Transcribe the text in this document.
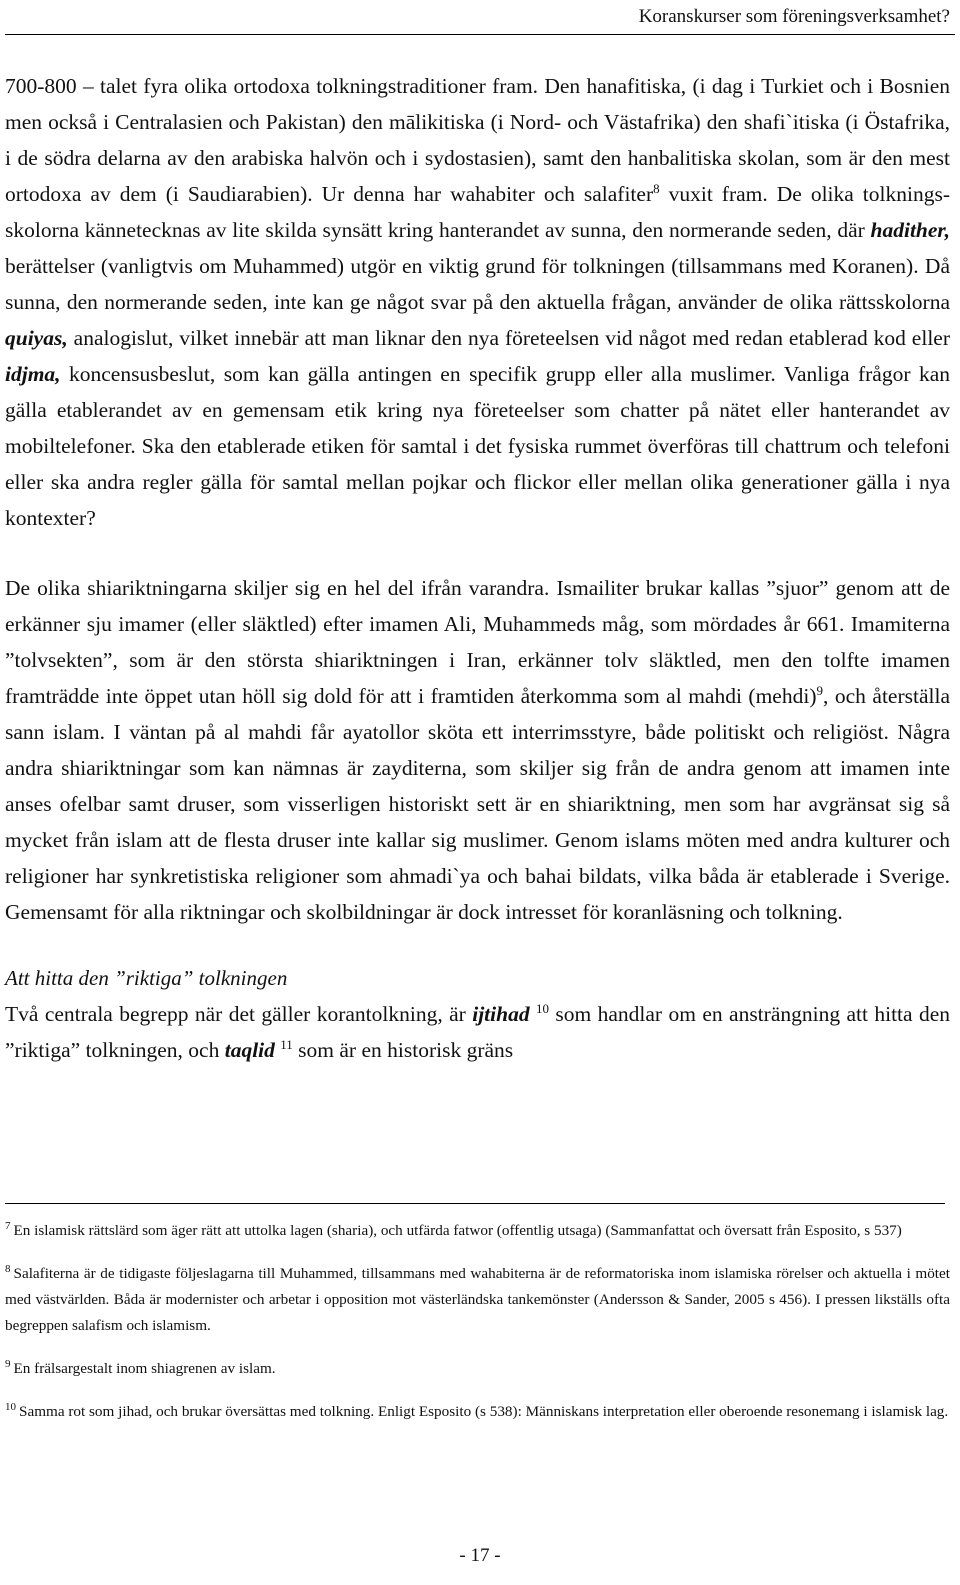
Koranskurser som föreningsverksamhet?

700-800 – talet fyra olika ortodoxa tolkningstraditioner fram. Den hanafitiska, (i dag i Turkiet och i Bosnien men också i Centralasien och Pakistan) den mālikitiska (i Nord- och Västafrika) den shafi`itiska (i Östafrika, i de södra delarna av den arabiska halvön och i sydostasien), samt den hanbalitiska skolan, som är den mest ortodoxa av dem (i Saudiarabien). Ur denna har wahabiter och salafiter$^8$ vuxit fram. De olika tolknings-skolorna kännetecknas av lite skilda synsätt kring hanterandet av sunna, den normerande seden, där hadither, berättelser (vanligtvis om Muhammed) utgör en viktig grund för tolkningen (tillsammans med Koranen). Då sunna, den normerande seden, inte kan ge något svar på den aktuella frågan, använder de olika rättsskolorna quiyas, analogislut, vilket innebär att man liknar den nya företeelsen vid något med redan etablerad kod eller idjma, koncensusbeslut, som kan gälla antingen en specifik grupp eller alla muslimer. Vanliga frågor kan gälla etablerandet av en gemensam etik kring nya företeelser som chatter på nätet eller hanterandet av mobiltelefoner. Ska den etablerade etiken för samtal i det fysiska rummet överföras till chattrum och telefoni eller ska andra regler gälla för samtal mellan pojkar och flickor eller mellan olika generationer gälla i nya kontexter?

De olika shiariktningarna skiljer sig en hel del ifrån varandra. Ismailiter brukar kallas ”sjuor” genom att de erkänner sju imamer (eller släktled) efter imamen Ali, Muhammeds måg, som mördades år 661. Imamiterna ”tolvsekten”, som är den största shiariktningen i Iran, erkänner tolv släktled, men den tolfte imamen framträdde inte öppet utan höll sig dold för att i framtiden återkomma som al mahdi (mehdi)$^9$, och återställa sann islam. I väntan på al mahdi får ayatollor sköta ett interrimsstyre, både politiskt och religiöst. Några andra shiariktningar som kan nämnas är zayditerna, som skiljer sig från de andra genom att imamen inte anses ofelbar samt druser, som visserligen historiskt sett är en shiariktning, men som har avgränsat sig så mycket från islam att de flesta druser inte kallar sig muslimer. Genom islams möten med andra kulturer och religioner har synkretistiska religioner som ahmadi`ya och bahai bildats, vilka båda är etablerade i Sverige. Gemensamt för alla riktningar och skolbildningar är dock intresset för koranläsning och tolkning.

Att hitta den ”riktiga” tolkningen

Två centrala begrepp när det gäller korantolkning, är ijtihad $^{10}$ som handlar om en ansträngning att hitta den ”riktiga” tolkningen, och taqlid $^{11}$ som är en historisk gräns

$^7$ En islamisk rättslärd som äger rätt att uttolka lagen (sharia), och utfärda fatwor (offentlig utsaga) (Sammanfattat och översatt från Esposito, s 537)

$^8$ Salafiterna är de tidigaste följeslagarna till Muhammed, tillsammans med wahabiterna är de reformatoriska inom islamiska rörelser och aktuella i mötet med västvärlden. Båda är modernister och arbetar i opposition mot västerländska tankemönster (Andersson & Sander, 2005 s 456). I pressen likställs ofta begreppen salafism och islamism.

$^9$ En frälsargestalt inom shiagrenen av islam.

$^{10}$ Samma rot som jihad, och brukar översättas med tolkning. Enligt Esposito (s 538): Människans interpretation eller oberoende resonemang i islamisk lag.

- 17 -
